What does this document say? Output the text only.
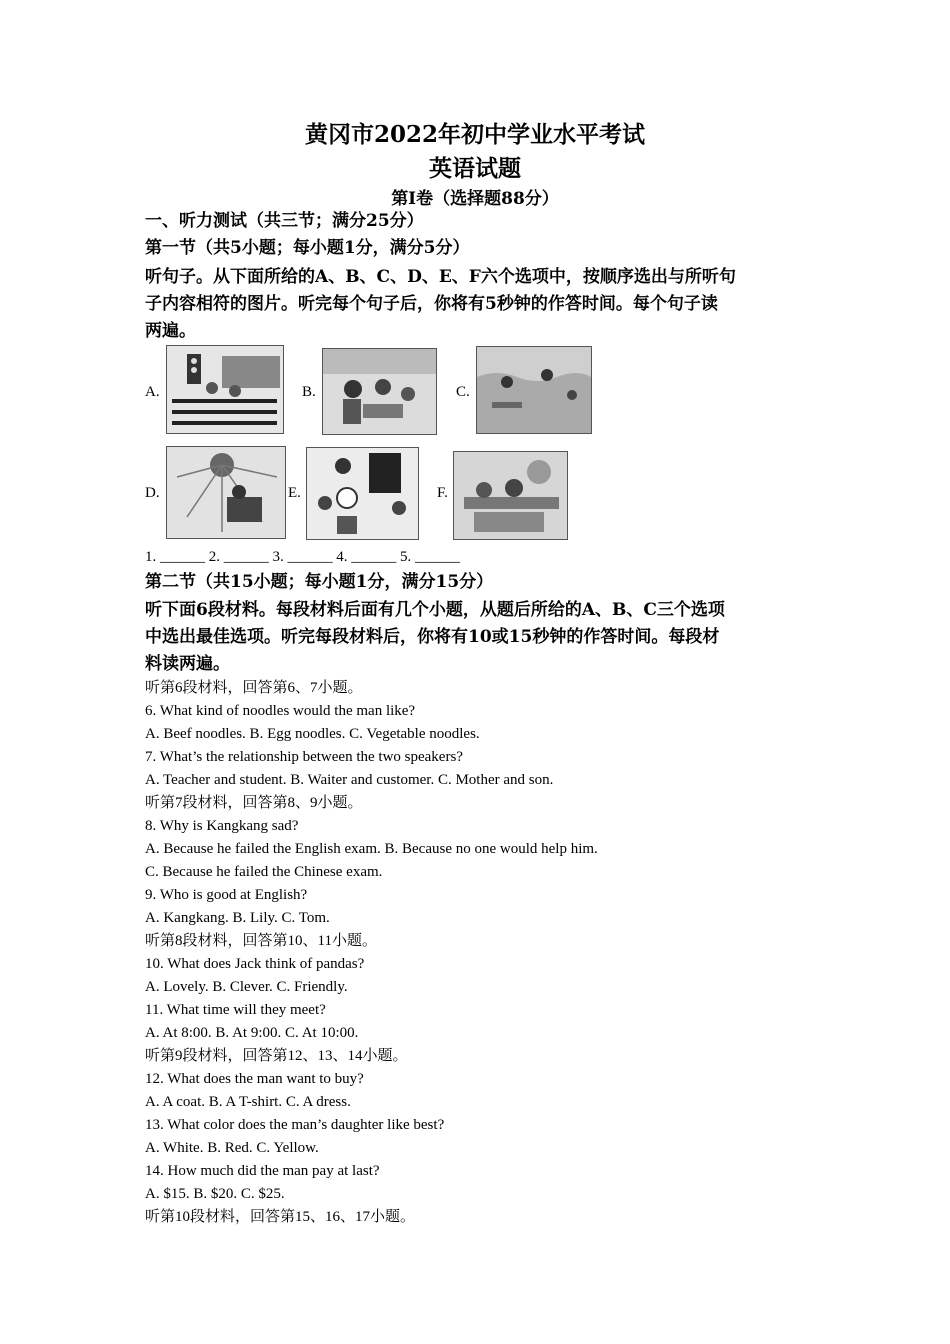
黄冈市2022年初中学业水平考试
英语试题
第Ⅰ卷（选择题88分）
一、听力测试（共三节；满分25分）
第一节（共5小题；每小题1分，满分5分）
听句子。从下面所给的A、B、C、D、E、F六个选项中，按顺序选出与所听句
子内容相符的图片。听完每个句子后，你将有5秒钟的作答时间。每个句子读
两遍。
A.	B.	C.
D.	E.	F.
1. ______ 2. ______ 3. ______ 4. ______ 5. ______
第二节（共15小题；每小题1分，满分15分）
听下面6段材料。每段材料后面有几个小题，从题后所给的A、B、C三个选项
中选出最佳选项。听完每段材料后，你将有10或15秒钟的作答时间。每段材
料读两遍。
听第6段材料，回答第6、7小题。
6. What kind of noodles would the man like?
A. Beef noodles. B. Egg noodles. C. Vegetable noodles.
7. What’s the relationship between the two speakers?
A. Teacher and student. B. Waiter and customer. C. Mother and son.
听第7段材料，回答第8、9小题。
8. Why is Kangkang sad?
A. Because he failed the English exam. B. Because no one would help him.
C. Because he failed the Chinese exam.
9. Who is good at English?
A. Kangkang. B. Lily. C. Tom.
听第8段材料，回答第10、11小题。
10. What does Jack think of pandas?
A. Lovely. B. Clever. C. Friendly.
11. What time will they meet?
A. At 8:00. B. At 9:00. C. At 10:00.
听第9段材料，回答第12、13、14小题。
12. What does the man want to buy?
A. A coat. B. A T-shirt. C. A dress.
13. What color does the man’s daughter like best?
A. White. B. Red. C. Yellow.
14. How much did the man pay at last?
A. $15. B. $20. C. $25.
听第10段材料，回答第15、16、17小题。
